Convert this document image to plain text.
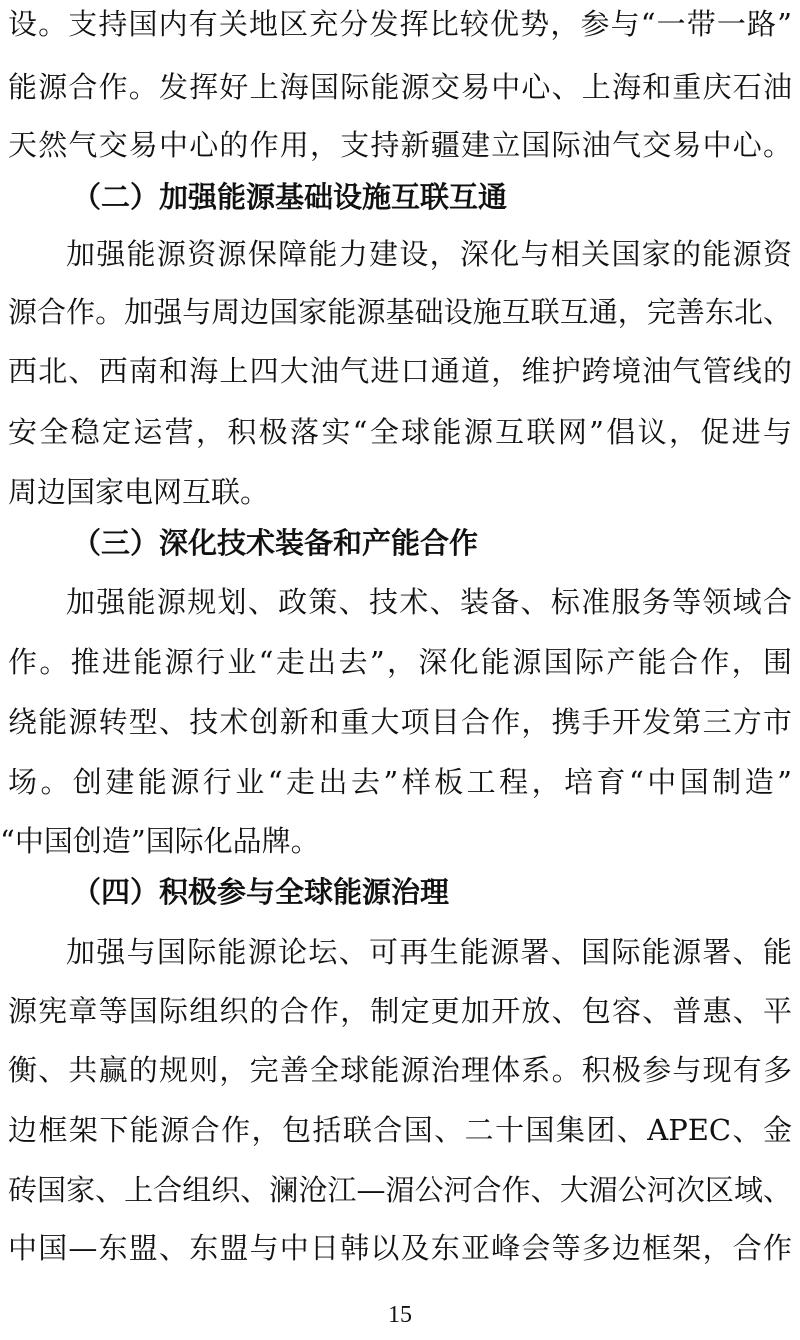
设。支持国内有关地区充分发挥比较优势，参与“一带一路”
能源合作。发挥好上海国际能源交易中心、上海和重庆石油
天然气交易中心的作用，支持新疆建立国际油气交易中心。
（二）加强能源基础设施互联互通
加强能源资源保障能力建设，深化与相关国家的能源资
源合作。加强与周边国家能源基础设施互联互通，完善东北、
西北、西南和海上四大油气进口通道，维护跨境油气管线的
安全稳定运营，积极落实“全球能源互联网”倡议，促进与
周边国家电网互联。
（三）深化技术装备和产能合作
加强能源规划、政策、技术、装备、标准服务等领域合
作。推进能源行业“走出去”，深化能源国际产能合作，围
绕能源转型、技术创新和重大项目合作，携手开发第三方市
场。创建能源行业“走出去”样板工程，培育“中国制造”
“中国创造”国际化品牌。
（四）积极参与全球能源治理
加强与国际能源论坛、可再生能源署、国际能源署、能
源宪章等国际组织的合作，制定更加开放、包容、普惠、平
衡、共赢的规则，完善全球能源治理体系。积极参与现有多
边框架下能源合作，包括联合国、二十国集团、APEC、金
砖国家、上合组织、澜沧江—湄公河合作、大湄公河次区域、
中国—东盟、东盟与中日韩以及东亚峰会等多边框架，合作
15
